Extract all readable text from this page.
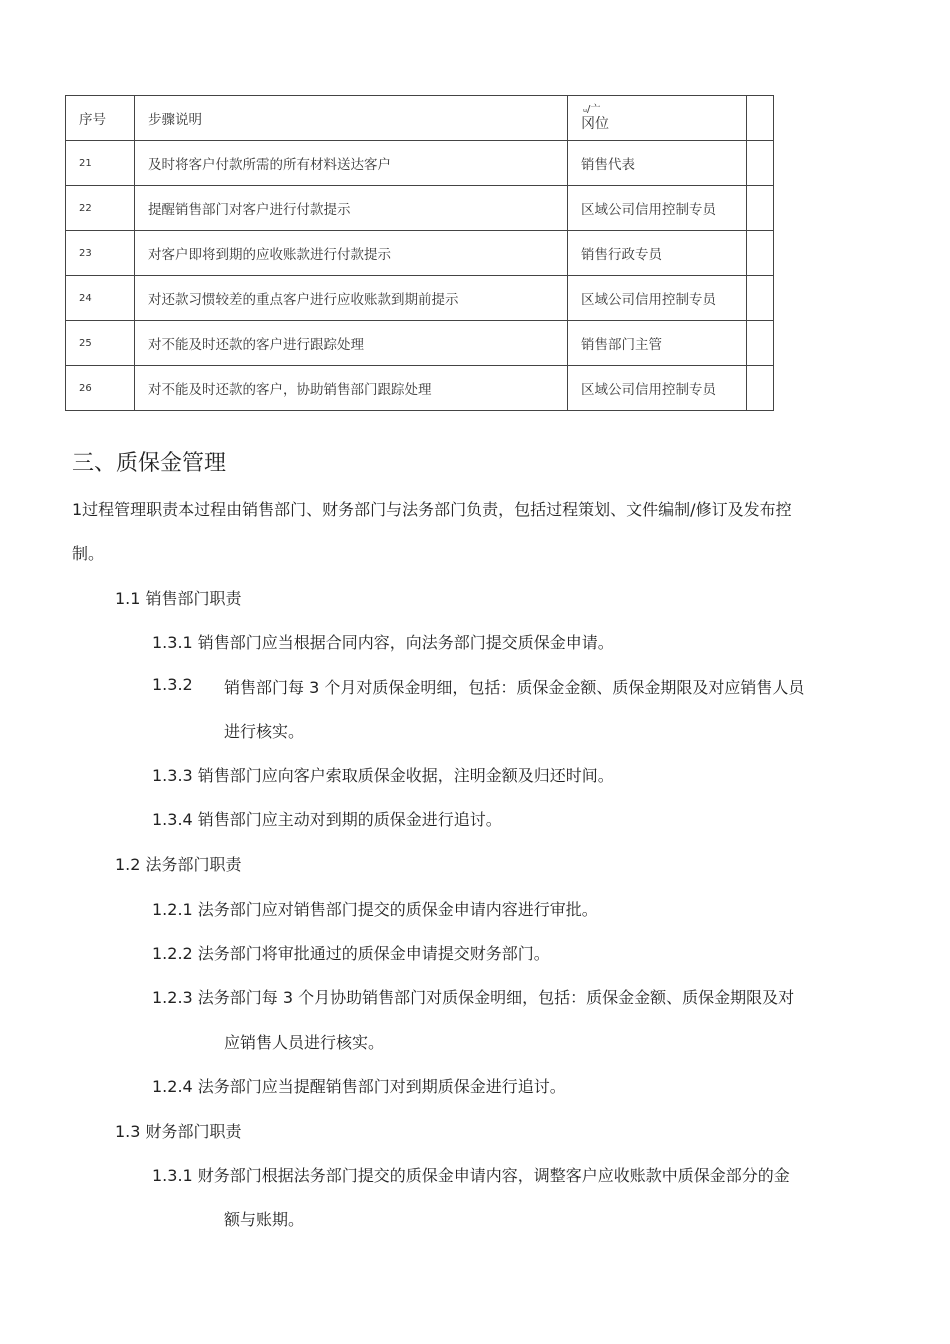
序号	步骤说明	ᵤ/亠
冈位	

21	及时将客户付款所需的所有材料送达客户	销售代表	
22	提醒销售部门对客户进行付款提示	区域公司信用控制专员	
23	对客户即将到期的应收账款进行付款提示	销售行政专员	
24	对还款习惯较差的重点客户进行应收账款到期前提示	区域公司信用控制专员	
25	对不能及时还款的客户进行跟踪处理	销售部门主管	
26	对不能及时还款的客户，协助销售部门跟踪处理	区域公司信用控制专员	
三、质保金管理
1过程管理职责本过程由销售部门、财务部门与法务部门负责，包括过程策划、文件编制/修订及发布控
制。
1.1 销售部门职责
1.3.1 销售部门应当根据合同内容，向法务部门提交质保金申请。
1.3.2 销售部门每 3 个月对质保金明细，包括：质保金金额、质保金期限及对应销售人员
进行核实。
1.3.3 销售部门应向客户索取质保金收据，注明金额及归还时间。
1.3.4 销售部门应主动对到期的质保金进行追讨。
1.2 法务部门职责
1.2.1 法务部门应对销售部门提交的质保金申请内容进行审批。
1.2.2 法务部门将审批通过的质保金申请提交财务部门。
1.2.3 法务部门每 3 个月协助销售部门对质保金明细，包括：质保金金额、质保金期限及对
应销售人员进行核实。
1.2.4 法务部门应当提醒销售部门对到期质保金进行追讨。
1.3 财务部门职责
1.3.1 财务部门根据法务部门提交的质保金申请内容，调整客户应收账款中质保金部分的金
额与账期。
